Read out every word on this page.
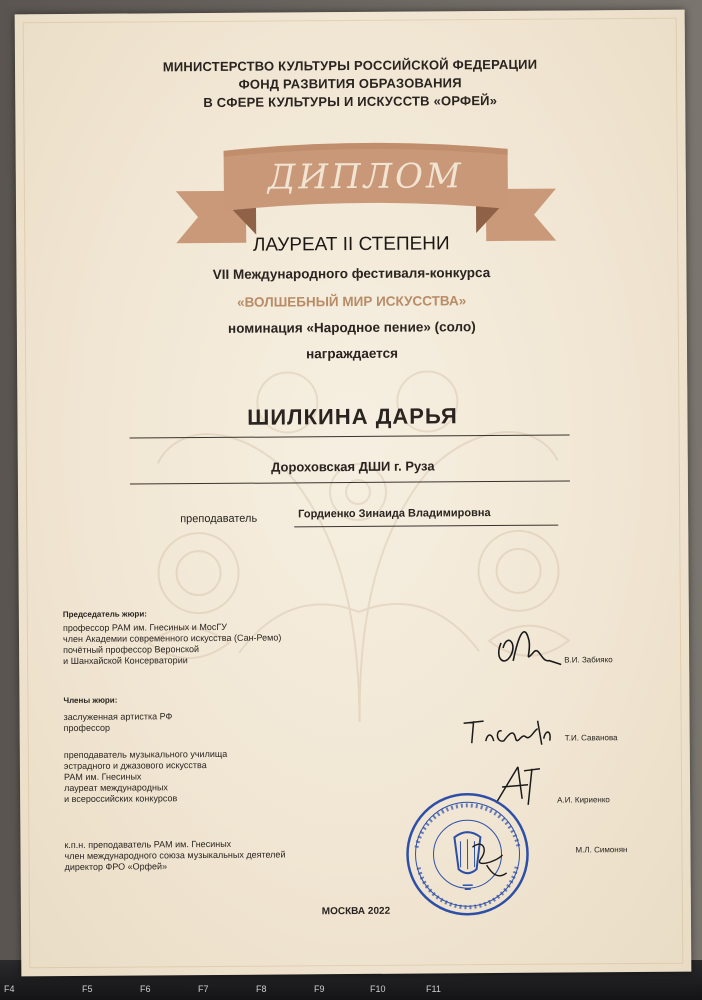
F4	F5	F6	F7	F8	F9	F10	F11
МИНИСТЕРСТВО КУЛЬТУРЫ РОССИЙСКОЙ ФЕДЕРАЦИИ
ФОНД РАЗВИТИЯ ОБРАЗОВАНИЯ
В СФЕРЕ КУЛЬТУРЫ И ИСКУССТВ «ОРФЕЙ»
ДИПЛОМ
ЛАУРЕАТ II СТЕПЕНИ
VII Международного фестиваля-конкурса
«ВОЛШЕБНЫЙ МИР ИСКУССТВА»
номинация «Народное пение» (соло)
награждается
ШИЛКИНА ДАРЬЯ
Дороховская ДШИ г. Руза
преподаватель	Гордиенко Зинаида Владимировна
Председатель жюри:
профессор РАМ им. Гнесиных и МосГУ
член Академии современного искусства (Сан-Ремо)
почётный профессор Веронской
и Шанхайской Консерватории	В.И. Забияко
Члены жюри:
заслуженная артистка РФ
профессор
Т.И. Саванова
преподаватель музыкального училища
эстрадного и джазового искусства
РАМ им. Гнесиных
лауреат международных
и всероссийских конкурсов	А.И. Кириенко
к.п.н. преподаватель РАМ им. Гнесиных
член международного союза музыкальных деятелей
директор ФРО «Орфей»
М.Л. Симонян
МОСКВА 2022
